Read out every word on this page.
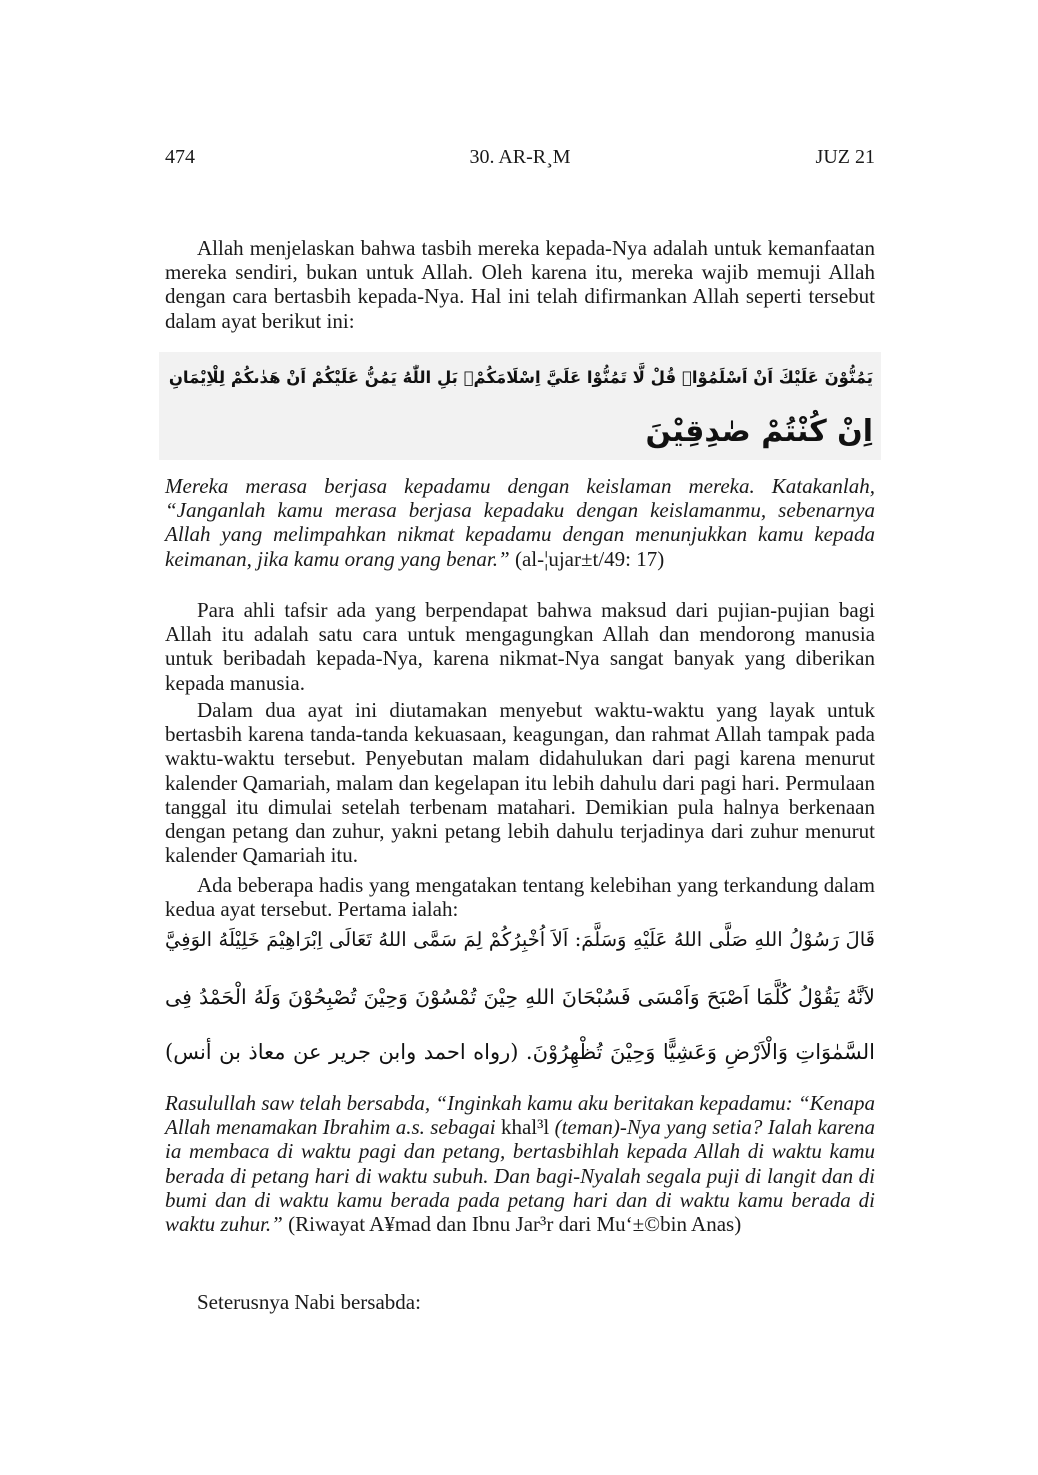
474	30. AR-R¸M	JUZ 21

Allah menjelaskan bahwa tasbih mereka kepada-Nya adalah untuk kemanfaatan mereka sendiri, bukan untuk Allah. Oleh karena itu, mereka wajib memuji Allah dengan cara bertasbih kepada-Nya. Hal ini telah difirmankan Allah seperti tersebut dalam ayat berikut ini:

يَمُنُّوْنَ عَلَيْكَ اَنْ اَسْلَمُوْاۗ قُلْ لَّا تَمُنُّوْا عَلَيَّ اِسْلَامَكُمْۚ بَلِ اللّٰهُ يَمُنُّ عَلَيْكُمْ اَنْ هَدٰىكُمْ لِلْاِيْمَانِ
اِنْ كُنْتُمْ صٰدِقِيْنَ

Mereka merasa berjasa kepadamu dengan keislaman mereka. Katakanlah, “Janganlah kamu merasa berjasa kepadaku dengan keislamanmu, sebenarnya Allah yang melimpahkan nikmat kepadamu dengan menunjukkan kamu kepada keimanan, jika kamu orang yang benar.” (al-¦ujar±t/49: 17)

Para ahli tafsir ada yang berpendapat bahwa maksud dari pujian-pujian bagi Allah itu adalah satu cara untuk mengagungkan Allah dan mendorong manusia untuk beribadah kepada-Nya, karena nikmat-Nya sangat banyak yang diberikan kepada manusia.

Dalam dua ayat ini diutamakan menyebut waktu-waktu yang layak untuk bertasbih karena tanda-tanda kekuasaan, keagungan, dan rahmat Allah tampak pada waktu-waktu tersebut. Penyebutan malam didahulukan dari pagi karena menurut kalender Qamariah, malam dan kegelapan itu lebih dahulu dari pagi hari. Permulaan tanggal itu dimulai setelah terbenam matahari. Demikian pula halnya berkenaan dengan petang dan zuhur, yakni petang lebih dahulu terjadinya dari zuhur menurut kalender Qamariah itu.

Ada beberapa hadis yang mengatakan tentang kelebihan yang terkandung dalam kedua ayat tersebut. Pertama ialah:

قَالَ رَسُوْلُ اللهِ صَلَّى اللهُ عَلَيْهِ وَسَلَّمَ: اَلاَ اُخْبِرُكُمْ لِمَ سَمَّى اللهُ تَعَالَى اِبْرَاهِيْمَ خَلِيْلَهُ الوَفِيَّ
لاَنَّهُ يَقُوْلُ كُلَّمَا اَصْبَحَ وَاَمْسَى فَسُبْحَانَ اللهِ حِيْنَ تُمْسُوْنَ وَحِيْنَ تُصْبِحُوْنَ وَلَهُ الْحَمْدُ فِى
السَّمٰوَاتِ وَالْاَرْضِ وَعَشِيًّا وَحِيْنَ تُظْهِرُوْنَ. (رواه احمد وابن جرير عن معاذ بن أنس)

Rasulullah saw telah bersabda, “Inginkah kamu aku beritakan kepadamu: “Kenapa Allah menamakan Ibrahim a.s. sebagai khal³l (teman)-Nya yang setia? Ialah karena ia membaca di waktu pagi dan petang, bertasbihlah kepada Allah di waktu kamu berada di petang hari di waktu subuh. Dan bagi-Nyalah segala puji di langit dan di bumi dan di waktu kamu berada pada petang hari dan di waktu kamu berada di waktu zuhur.” (Riwayat A¥mad dan Ibnu Jar³r dari Mu‘±©bin Anas)

Seterusnya Nabi bersabda:
